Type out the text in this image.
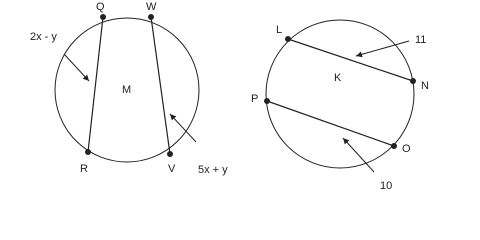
Q	W
R	V
M
2x - y
5x + y
L
N
P
O
K
11
10
